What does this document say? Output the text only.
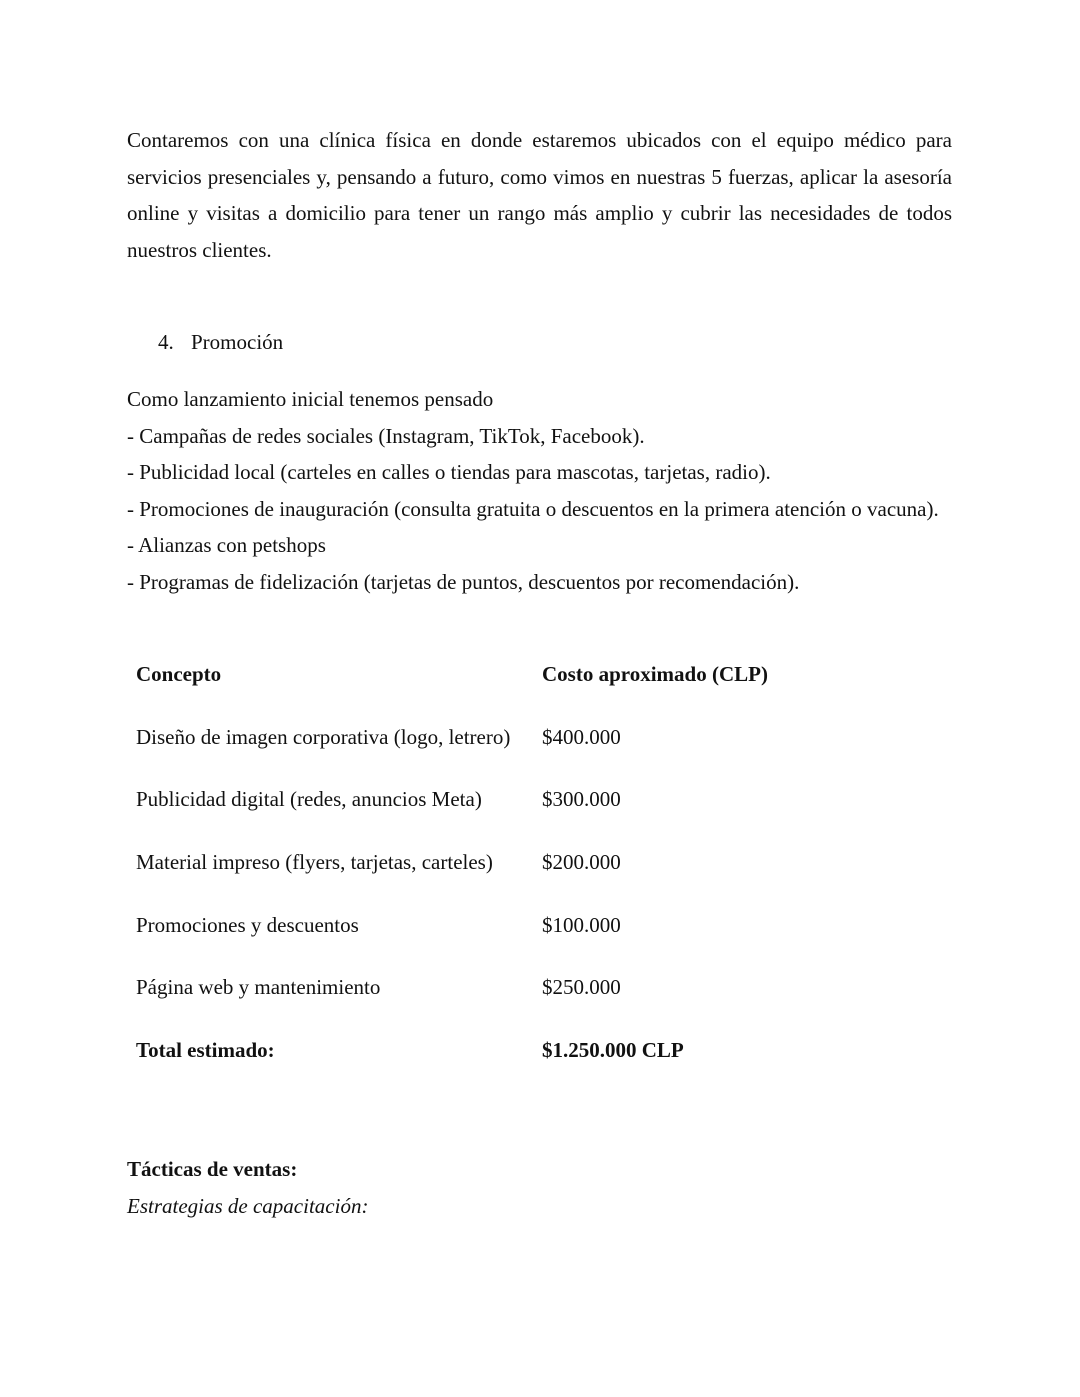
Contaremos con una clínica física en donde estaremos ubicados con el equipo médico para servicios presenciales y, pensando a futuro, como vimos en nuestras 5 fuerzas, aplicar la asesoría online y visitas a domicilio para tener un rango más amplio y cubrir las necesidades de todos nuestros clientes.

4. Promoción

Como lanzamiento inicial tenemos pensado
- Campañas de redes sociales (Instagram, TikTok, Facebook).
- Publicidad local (carteles en calles o tiendas para mascotas, tarjetas, radio).
- Promociones de inauguración (consulta gratuita o descuentos en la primera atención o vacuna).
- Alianzas con petshops
- Programas de fidelización (tarjetas de puntos, descuentos por recomendación).
Concepto	Costo aproximado (CLP)
Diseño de imagen corporativa (logo, letrero)	$400.000
Publicidad digital (redes, anuncios Meta)	$300.000
Material impreso (flyers, tarjetas, carteles)	$200.000
Promociones y descuentos	$100.000
Página web y mantenimiento	$250.000
Total estimado:	$1.250.000 CLP
Tácticas de ventas:
Estrategias de capacitación:
